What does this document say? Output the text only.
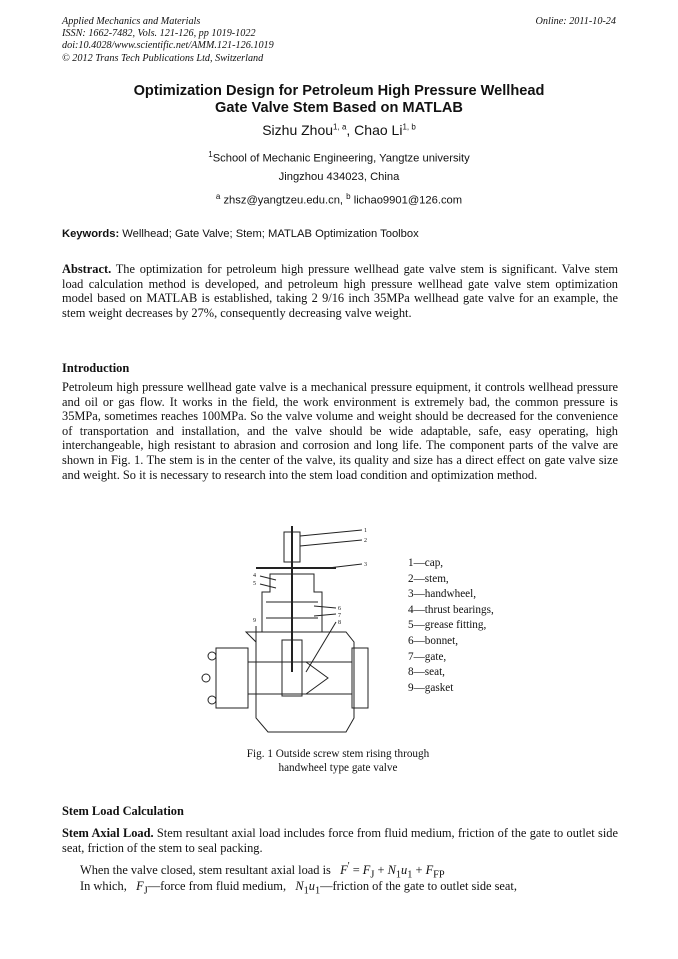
Applied Mechanics and Materials
ISSN: 1662-7482, Vols. 121-126, pp 1019-1022
doi:10.4028/www.scientific.net/AMM.121-126.1019
© 2012 Trans Tech Publications Ltd, Switzerland
Online: 2011-10-24
Optimization Design for Petroleum High Pressure Wellhead
Gate Valve Stem Based on MATLAB
Sizhu Zhou$^{1, a}$, Chao Li$^{1, b}$
$^1$School of Mechanic Engineering, Yangtze university
Jingzhou 434023, China
$^a$ zhsz@yangtzeu.edu.cn, $^b$ lichao9901@126.com
Keywords: Wellhead; Gate Valve; Stem; MATLAB Optimization Toolbox
Abstract. The optimization for petroleum high pressure wellhead gate valve stem is significant. Valve stem load calculation method is developed, and petroleum high pressure wellhead gate valve stem optimization model based on MATLAB is established, taking 2 9/16 inch 35MPa wellhead gate valve for an example, the stem weight decreases by 27%, consequently decreasing valve weight.
Introduction
Petroleum high pressure wellhead gate valve is a mechanical pressure equipment, it controls wellhead pressure and oil or gas flow. It works in the field, the work environment is extremely bad, the common pressure is 35MPa, sometimes reaches 100MPa. So the valve volume and weight should be decreased for the convenience of transportation and installation, and the valve should be wide adaptable, safe, easy operating, high interchangeable, high resistant to abrasion and corrosion and long life. The component parts of the valve are shown in Fig. 1. The stem is in the center of the valve, its quality and size has a direct effect on gate valve size and weight. So it is necessary to research into the stem load condition and optimization method.
1
2
3
4
5
6
7
8
9
1—cap,
2—stem,
3—handwheel,
4—thrust bearings,
5—grease fitting,
6—bonnet,
7—gate,
8—seat,
9—gasket
Fig. 1 Outside screw stem rising through
handwheel type gate valve
Stem Load Calculation
Stem Axial Load. Stem resultant axial load includes force from fluid medium, friction of the gate to outlet side seat, friction of the stem to seal packing.
When the valve closed, stem resultant axial load is $F' = F_J + N_1u_1 + F_{FP}$
In which, $F_J—force$ from fluid medium, $N_1u_1—friction$ of the gate to outlet side seat,
